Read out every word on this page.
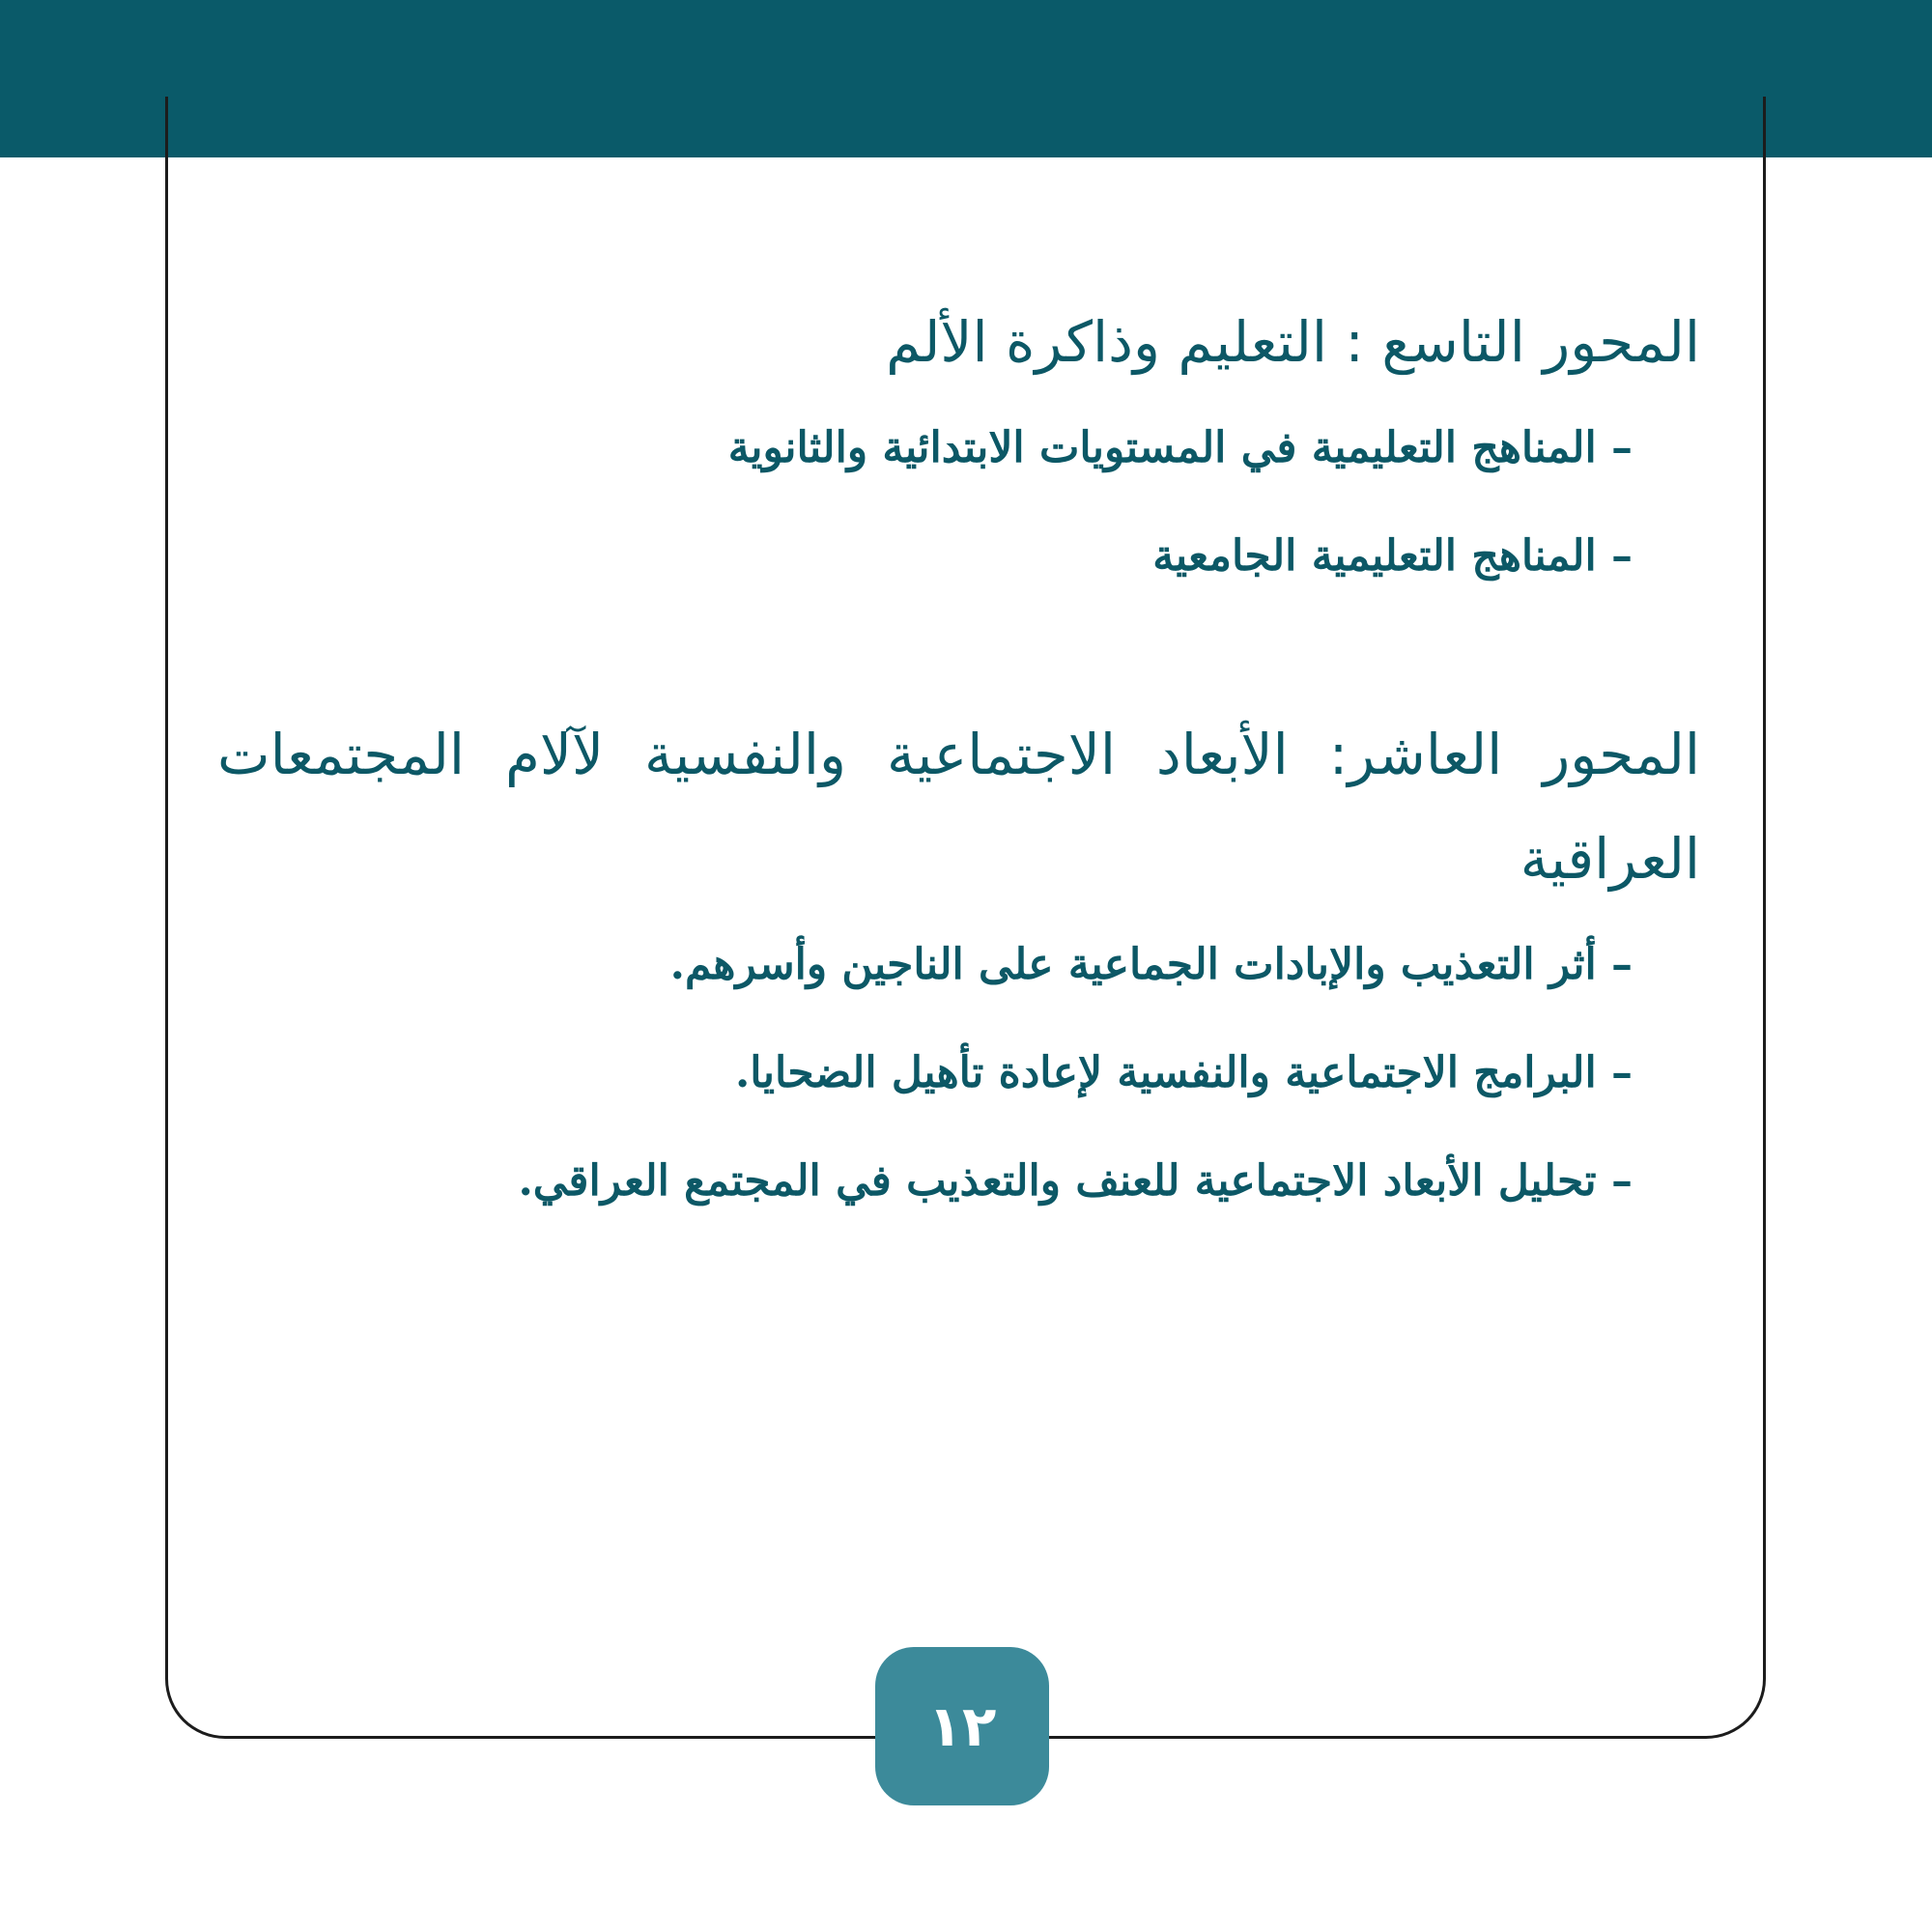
المحور التاسع : التعليم وذاكرة الألم
– المناهج التعليمية في المستويات الابتدائية والثانوية
– المناهج التعليمية الجامعية
المحور العاشر: الأبعاد الاجتماعية والنفسية لآلام المجتمعات العراقية
– أثر التعذيب والإبادات الجماعية على الناجين وأسرهم.
– البرامج الاجتماعية والنفسية لإعادة تأهيل الضحايا.
– تحليل الأبعاد الاجتماعية للعنف والتعذيب في المجتمع العراقي.
١٢
